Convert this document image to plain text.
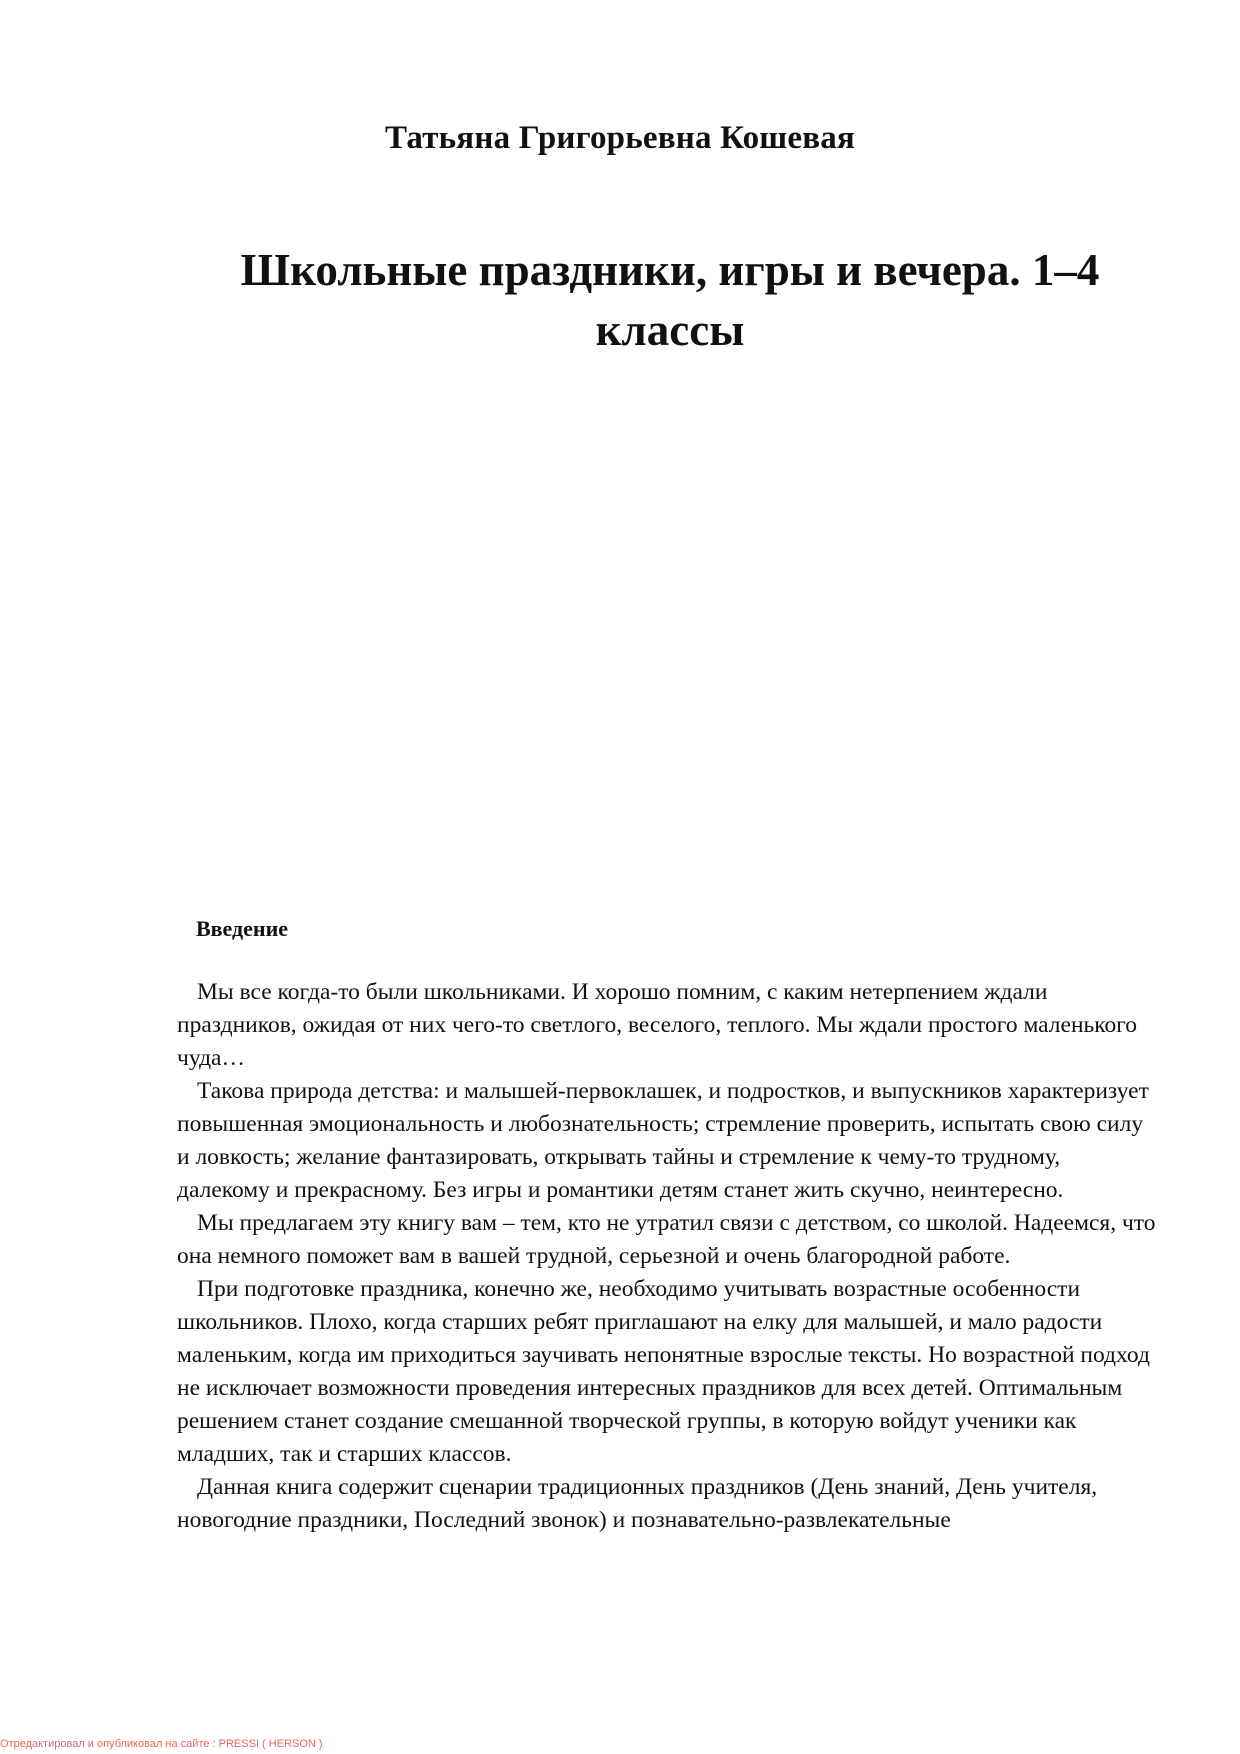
Татьяна Григорьевна Кошевая
Школьные праздники, игры и вечера. 1–4
классы
Введение

Мы все когда-то были школьниками. И хорошо помним, с каким нетерпением ждали праздников, ожидая от них чего-то светлого, веселого, теплого. Мы ждали простого маленького чуда…

Такова природа детства: и малышей-первоклашек, и подростков, и выпускников характеризует повышенная эмоциональность и любознательность; стремление проверить, испытать свою силу и ловкость; желание фантазировать, открывать тайны и стремление к чему-то трудному, далекому и прекрасному. Без игры и романтики детям станет жить скучно, неинтересно.

Мы предлагаем эту книгу вам – тем, кто не утратил связи с детством, со школой. Надеемся, что она немного поможет вам в вашей трудной, серьезной и очень благородной работе.

При подготовке праздника, конечно же, необходимо учитывать возрастные особенности школьников. Плохо, когда старших ребят приглашают на елку для малышей, и мало радости маленьким, когда им приходиться заучивать непонятные взрослые тексты. Но возрастной подход не исключает возможности проведения интересных праздников для всех детей. Оптимальным решением станет создание смешанной творческой группы, в которую войдут ученики как младших, так и старших классов.

Данная книга содержит сценарии традиционных праздников (День знаний, День учителя, новогодние праздники, Последний звонок) и познавательно-развлекательные

Отредактировал и опубликовал на сайте : PRESSI ( HERSON )
